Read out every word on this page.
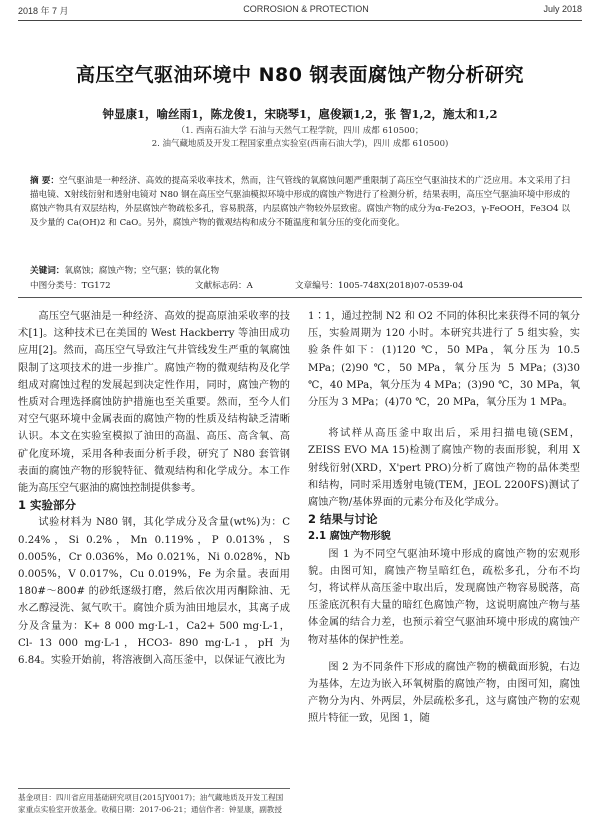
2018 年 7 月	CORROSION & PROTECTION	July 2018
高压空气驱油环境中 N80 钢表面腐蚀产物分析研究
钟显康1，喻丝雨1，陈龙俊1，宋晓琴1，扈俊颖1,2，张 智1,2，施太和1,2
（1. 西南石油大学 石油与天然气工程学院，四川 成都 610500；
2. 油气藏地质及开发工程国家重点实验室(西南石油大学)，四川 成都 610500)
摘 要：空气驱油是一种经济、高效的提高采收率技术，然而，注气管线的氧腐蚀问题严重限制了高压空气驱油技术的广泛应用。本文采用了扫描电镜、X射线衍射和透射电镜对 N80 钢在高压空气驱油模拟环境中形成的腐蚀产物进行了检测分析，结果表明，高压空气驱油环境中形成的腐蚀产物具有双层结构，外层腐蚀产物疏松多孔，容易脱落，内层腐蚀产物较外层致密。腐蚀产物的成分为α-Fe2O3，γ-FeOOH，Fe3O4 以及少量的 Ca(OH)2 和 CaO。另外，腐蚀产物的微观结构和成分不随温度和氧分压的变化而变化。
关键词：氧腐蚀；腐蚀产物；空气驱；铁的氧化物
中图分类号：TG172	文献标志码：A	文章编号：1005-748X(2018)07-0539-04

高压空气驱油是一种经济、高效的提高原油采收率的技术[1]。这种技术已在美国的 West Hackberry 等油田成功应用[2]。然而，高压空气导致注气井管线发生严重的氧腐蚀限制了这项技术的进一步推广。腐蚀产物的微观结构及化学组成对腐蚀过程的发展起到决定性作用，同时，腐蚀产物的性质对合理选择腐蚀防护措施也至关重要。然而，至今人们对空气驱环境中金属表面的腐蚀产物的性质及结构缺乏清晰认识。本文在实验室模拟了油田的高温、高压、高含氧、高矿化度环境，采用各种表面分析手段，研究了 N80 套管钢表面的腐蚀产物的形貌特征、微观结构和化学成分。本工作能为高压空气驱油的腐蚀控制提供参考。

1 实验部分

试验材料为 N80 钢，其化学成分及含量(wt%)为：C 0.24%，Si 0.2%，Mn 0.119%，P 0.013%，S 0.005%，Cr 0.036%，Mo 0.021%，Ni 0.028%，Nb 0.005%，V 0.017%，Cu 0.019%，Fe 为余量。表面用 180#～800# 的砂纸逐级打磨，然后依次用丙酮除油、无水乙醇浸洗、氮气吹干。腐蚀介质为油田地层水，其离子成分及含量为：K+ 8 000 mg·L-1，Ca2+ 500 mg·L-1，Cl- 13 000 mg·L-1，HCO3- 890 mg·L-1，pH 为 6.84。实验开始前，将溶液倒入高压釜中，以保证气液比为

1∶1，通过控制 N2 和 O2 不同的体积比来获得不同的氧分压，实验周期为 120 小时。本研究共进行了 5 组实验，实验条件如下：(1)120 ℃，50 MPa，氧分压为 10.5 MPa；(2)90 ℃，50 MPa，氧分压为 5 MPa；(3)30 ℃，40 MPa，氧分压为 4 MPa；(3)90 ℃，30 MPa，氧分压为 3 MPa；(4)70 ℃，20 MPa，氧分压为 1 MPa。

将试样从高压釜中取出后，采用扫描电镜(SEM，ZEISS EVO MA 15)检测了腐蚀产物的表面形貌，利用 X 射线衍射(XRD，X'pert PRO)分析了腐蚀产物的晶体类型和结构，同时采用透射电镜(TEM，JEOL 2200FS)测试了腐蚀产物/基体界面的元素分布及化学成分。

2 结果与讨论

2.1 腐蚀产物形貌

图 1 为不同空气驱油环境中形成的腐蚀产物的宏观形貌。由图可知，腐蚀产物呈暗红色，疏松多孔，分布不均匀，将试样从高压釜中取出后，发现腐蚀产物容易脱落，高压釜底沉积有大量的暗红色腐蚀产物，这说明腐蚀产物与基体金属的结合力差，也预示着空气驱油环境中形成的腐蚀产物对基体的保护性差。

图 2 为不同条件下形成的腐蚀产物的横截面形貌，右边为基体，左边为嵌入环氧树脂的腐蚀产物，由图可知，腐蚀产物分为内、外两层，外层疏松多孔，这与腐蚀产物的宏观照片特征一致，见图 1，随

基金项目：四川省应用基础研究项目(2015JY0017)；油气藏地质及开发工程国家重点实验室开放基金。收稿日期：2017-06-21；通信作者：钟显康，副教授
